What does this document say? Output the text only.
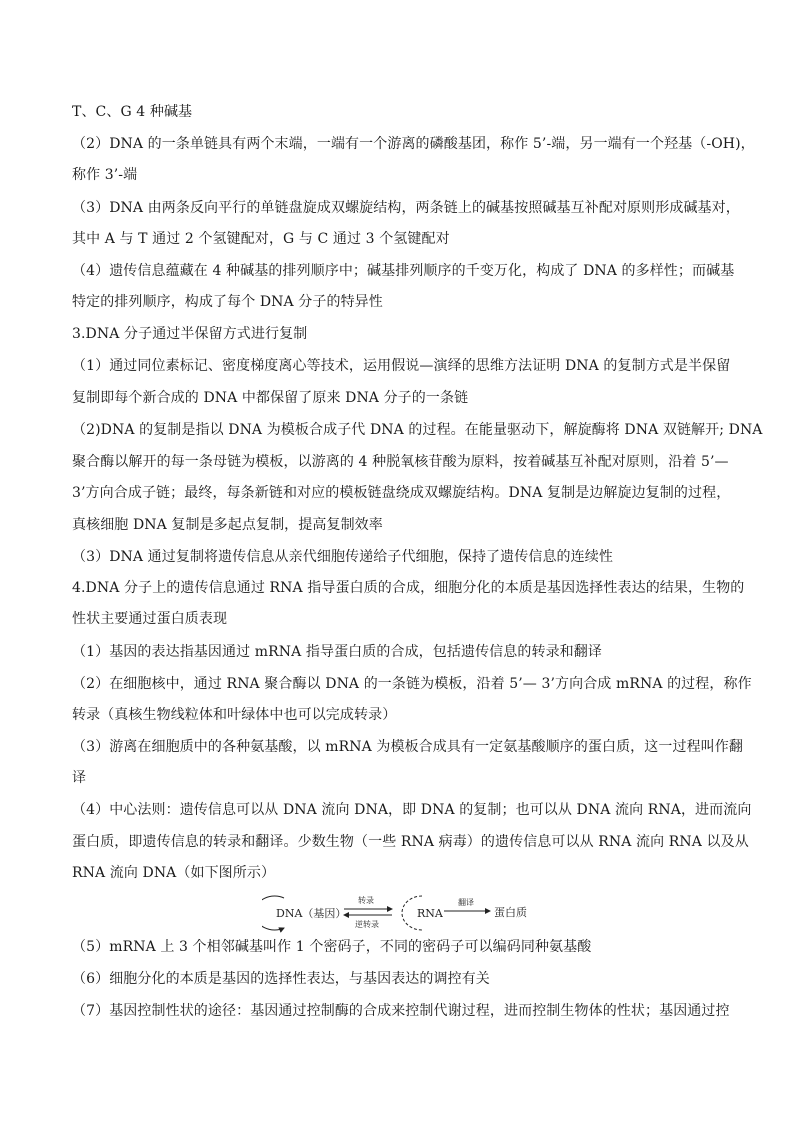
T、C、G 4 种碱基
（2）DNA 的一条单链具有两个末端，一端有一个游离的磷酸基团，称作 5’-端，另一端有一个羟基（-OH)，
称作 3’-端
（3）DNA 由两条反向平行的单链盘旋成双螺旋结构，两条链上的碱基按照碱基互补配对原则形成碱基对，
其中 A 与 T 通过 2 个氢键配对，G 与 C 通过 3 个氢键配对
（4）遗传信息蕴藏在 4 种碱基的排列顺序中；碱基排列顺序的千变万化，构成了 DNA 的多样性；而碱基
特定的排列顺序，构成了每个 DNA 分子的特异性
3.DNA 分子通过半保留方式进行复制
（1）通过同位素标记、密度梯度离心等技术，运用假说—演绎的思维方法证明 DNA 的复制方式是半保留
复制即每个新合成的 DNA 中都保留了原来 DNA 分子的一条链
（2)DNA 的复制是指以 DNA 为模板合成子代 DNA 的过程。在能量驱动下，解旋酶将 DNA 双链解开; DNA
聚合酶以解开的每一条母链为模板，以游离的 4 种脱氧核苷酸为原料，按着碱基互补配对原则，沿着 5’—
3’方向合成子链；最终，每条新链和对应的模板链盘绕成双螺旋结构。DNA 复制是边解旋边复制的过程，
真核细胞 DNA 复制是多起点复制，提高复制效率
（3）DNA 通过复制将遗传信息从亲代细胞传递给子代细胞，保持了遗传信息的连续性
4.DNA 分子上的遗传信息通过 RNA 指导蛋白质的合成，细胞分化的本质是基因选择性表达的结果，生物的
性状主要通过蛋白质表现
（1）基因的表达指基因通过 mRNA 指导蛋白质的合成，包括遗传信息的转录和翻译
（2）在细胞核中，通过 RNA 聚合酶以 DNA 的一条链为模板，沿着 5’— 3’方向合成 mRNA 的过程，称作
转录（真核生物线粒体和叶绿体中也可以完成转录）
（3）游离在细胞质中的各种氨基酸，以 mRNA 为模板合成具有一定氨基酸顺序的蛋白质，这一过程叫作翻
译
（4）中心法则：遗传信息可以从 DNA 流向 DNA，即 DNA 的复制；也可以从 DNA 流向 RNA，进而流向
蛋白质，即遗传信息的转录和翻译。少数生物（一些 RNA 病毒）的遗传信息可以从 RNA 流向 RNA 以及从
RNA 流向 DNA（如下图所示）
DNA（基因）
转录
逆转录
RNA
翻译
蛋白质
（5）mRNA 上 3 个相邻碱基叫作 1 个密码子，不同的密码子可以编码同种氨基酸
（6）细胞分化的本质是基因的选择性表达，与基因表达的调控有关
（7）基因控制性状的途径：基因通过控制酶的合成来控制代谢过程，进而控制生物体的性状；基因通过控
